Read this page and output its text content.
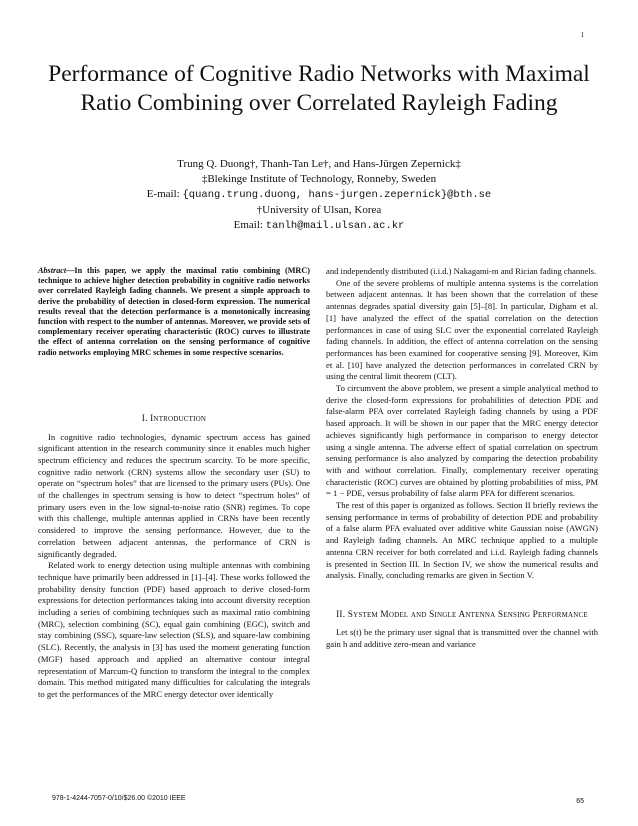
1
Performance of Cognitive Radio Networks with Maximal Ratio Combining over Correlated Rayleigh Fading
Trung Q. Duong†, Thanh-Tan Le†, and Hans-Jürgen Zepernick‡
‡Blekinge Institute of Technology, Ronneby, Sweden
E-mail: {quang.trung.duong, hans-jurgen.zepernick}@bth.se
†University of Ulsan, Korea
Email: tanlh@mail.ulsan.ac.kr

Abstract—In this paper, we apply the maximal ratio combining (MRC) technique to achieve higher detection probability in cognitive radio networks over correlated Rayleigh fading channels. We present a simple approach to derive the probability of detection in closed-form expression. The numerical results reveal that the detection performance is a monotonically increasing function with respect to the number of antennas. Moreover, we provide sets of complementary receiver operating characteristic (ROC) curves to illustrate the effect of antenna correlation on the sensing performance of cognitive radio networks employing MRC schemes in some respective scenarios.

I. Introduction

In cognitive radio technologies, dynamic spectrum access has gained significant attention in the research community since it enables much higher spectrum efficiency and reduces the spectrum scarcity. To be more specific, cognitive radio network (CRN) systems allow the secondary user (SU) to operate on “spectrum holes” that are licensed to the primary users (PUs). One of the challenges in spectrum sensing is how to detect “spectrum holes” of primary users even in the low signal-to-noise ratio (SNR) regimes. To cope with this challenge, multiple antennas applied in CRNs have been recently considered to improve the sensing performance. However, due to the correlation between adjacent antennas, the performance of CRN is significantly degraded.

Related work to energy detection using multiple antennas with combining technique have primarily been addressed in [1]–[4]. These works followed the probability density function (PDF) based approach to derive closed-form expressions for detection performances taking into account diversity reception including a series of combining techniques such as maximal ratio combining (MRC), selection combining (SC), equal gain combining (EGC), switch and stay combining (SSC), square-law selection (SLS), and square-law combining (SLC). Recently, the analysis in [3] has used the moment generating function (MGF) based approach and applied an alternative contour integral representation of Marcum-Q function to transform the integral to the complex domain. This method mitigated many difficulties for calculating the integrals to get the performances of the MRC energy detector over identically

and independently distributed (i.i.d.) Nakagami-m and Rician fading channels.

One of the severe problems of multiple antenna systems is the correlation between adjacent antennas. It has been shown that the correlation of these antennas degrades spatial diversity gain [5]–[8]. In particular, Digham et al. [1] have analyzed the effect of the spatial correlation on the detection performances in case of using SLC over the exponential correlated Rayleigh fading channels. In addition, the effect of antenna correlation on the sensing performances has been examined for cooperative sensing [9]. Moreover, Kim et al. [10] have analyzed the detection performances in correlated CRN by using the central limit theorem (CLT).

To circumvent the above problem, we present a simple analytical method to derive the closed-form expressions for probabilities of detection PDE and false-alarm PFA over correlated Rayleigh fading channels by using a PDF based approach. It will be shown in our paper that the MRC energy detector achieves significantly high performance in comparison to energy detector using a single antenna. The adverse effect of spatial correlation on spectrum sensing performance is also analyzed by comparing the detection probability with and without correlation. Finally, complementary receiver operating characteristic (ROC) curves are obtained by plotting probabilities of miss, PM = 1 − PDE, versus probability of false alarm PFA for different scenarios.

The rest of this paper is organized as follows. Section II briefly reviews the sensing performance in terms of probability of detection PDE and probability of a false alarm PFA evaluated over additive white Gaussian noise (AWGN) and Rayleigh fading channels. An MRC technique applied to a multiple antenna CRN receiver for both correlated and i.i.d. Rayleigh fading channels is presented in Section III. In Section IV, we show the numerical results and analysis. Finally, concluding remarks are given in Section V.

II. System Model and Single Antenna Sensing Performance

Let s(t) be the primary user signal that is transmitted over the channel with gain h and additive zero-mean and variance

978-1-4244-7057-0/10/$26.00 ©2010 IEEE	65
